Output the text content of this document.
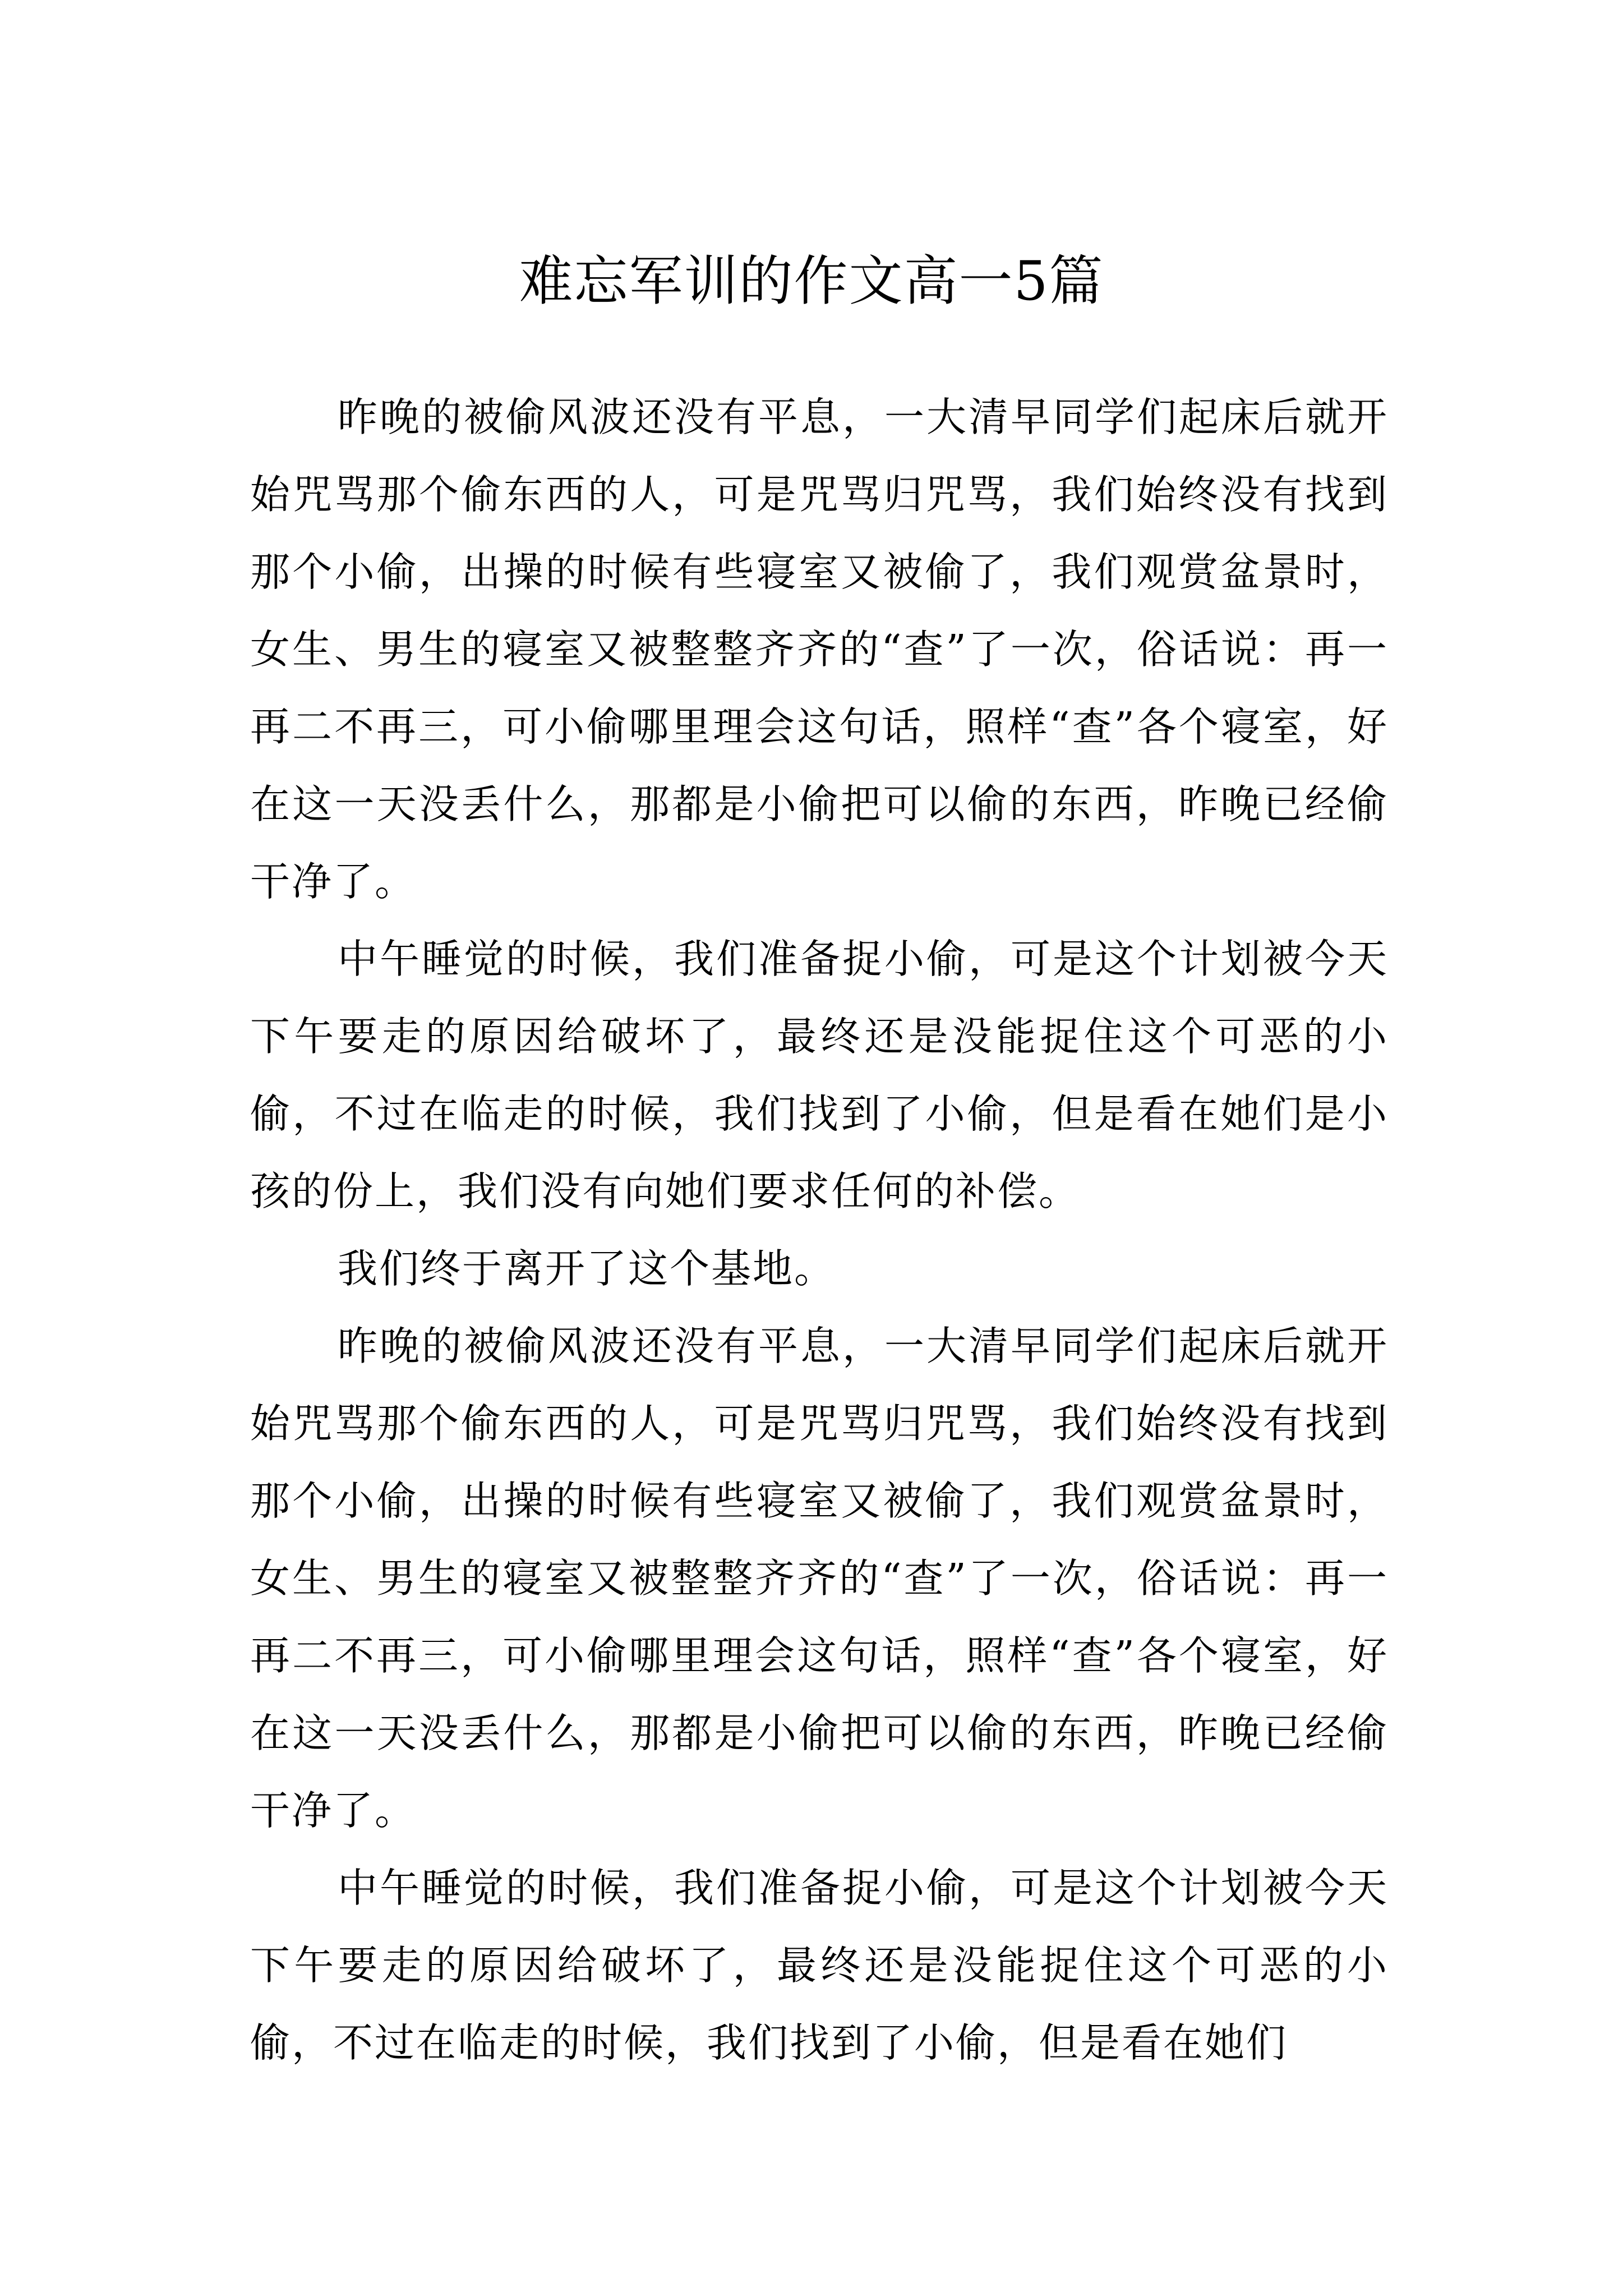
难忘军训的作文高一5篇

昨晚的被偷风波还没有平息，一大清早同学们起床后就开始咒骂那个偷东西的人，可是咒骂归咒骂，我们始终没有找到那个小偷，出操的时候有些寝室又被偷了，我们观赏盆景时，女生、男生的寝室又被整整齐齐的“查”了一次，俗话说：再一再二不再三，可小偷哪里理会这句话，照样“查”各个寝室，好在这一天没丢什么，那都是小偷把可以偷的东西，昨晚已经偷干净了。

中午睡觉的时候，我们准备捉小偷，可是这个计划被今天下午要走的原因给破坏了，最终还是没能捉住这个可恶的小偷，不过在临走的时候，我们找到了小偷，但是看在她们是小孩的份上，我们没有向她们要求任何的补偿。

我们终于离开了这个基地。

昨晚的被偷风波还没有平息，一大清早同学们起床后就开始咒骂那个偷东西的人，可是咒骂归咒骂，我们始终没有找到那个小偷，出操的时候有些寝室又被偷了，我们观赏盆景时，女生、男生的寝室又被整整齐齐的“查”了一次，俗话说：再一再二不再三，可小偷哪里理会这句话，照样“查”各个寝室，好在这一天没丢什么，那都是小偷把可以偷的东西，昨晚已经偷干净了。

中午睡觉的时候，我们准备捉小偷，可是这个计划被今天下午要走的原因给破坏了，最终还是没能捉住这个可恶的小偷，不过在临走的时候，我们找到了小偷，但是看在她们
